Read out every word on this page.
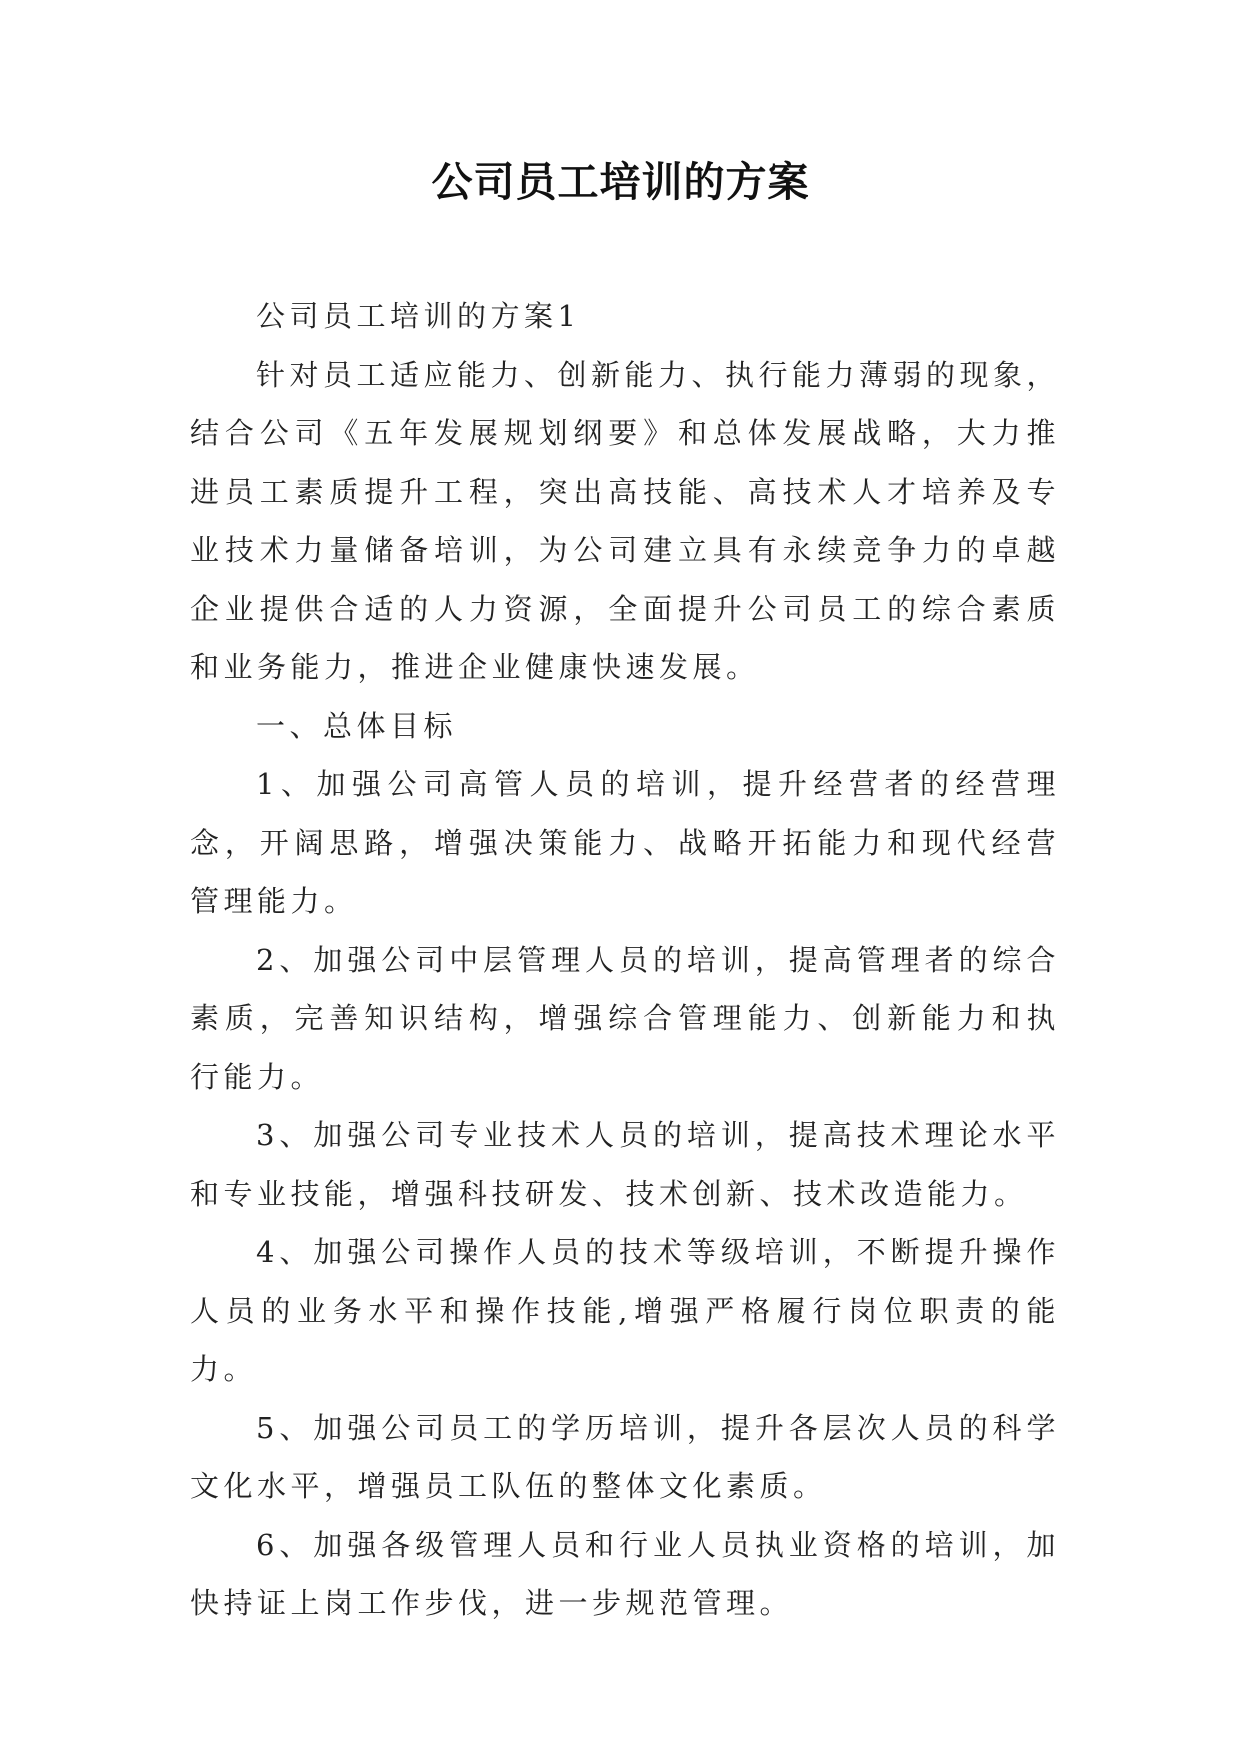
公司员工培训的方案

公司员工培训的方案1

针对员工适应能力、创新能力、执行能力薄弱的现象，结合公司《五年发展规划纲要》和总体发展战略，大力推进员工素质提升工程，突出高技能、高技术人才培养及专业技术力量储备培训，为公司建立具有永续竞争力的卓越企业提供合适的人力资源，全面提升公司员工的综合素质和业务能力，推进企业健康快速发展。

一、总体目标

1、加强公司高管人员的培训，提升经营者的经营理念，开阔思路，增强决策能力、战略开拓能力和现代经营管理能力。

2、加强公司中层管理人员的培训，提高管理者的综合素质，完善知识结构，增强综合管理能力、创新能力和执行能力。

3、加强公司专业技术人员的培训，提高技术理论水平和专业技能，增强科技研发、技术创新、技术改造能力。

4、加强公司操作人员的技术等级培训，不断提升操作人员的业务水平和操作技能,增强严格履行岗位职责的能力。

5、加强公司员工的学历培训，提升各层次人员的科学文化水平，增强员工队伍的整体文化素质。

6、加强各级管理人员和行业人员执业资格的培训，加快持证上岗工作步伐，进一步规范管理。
